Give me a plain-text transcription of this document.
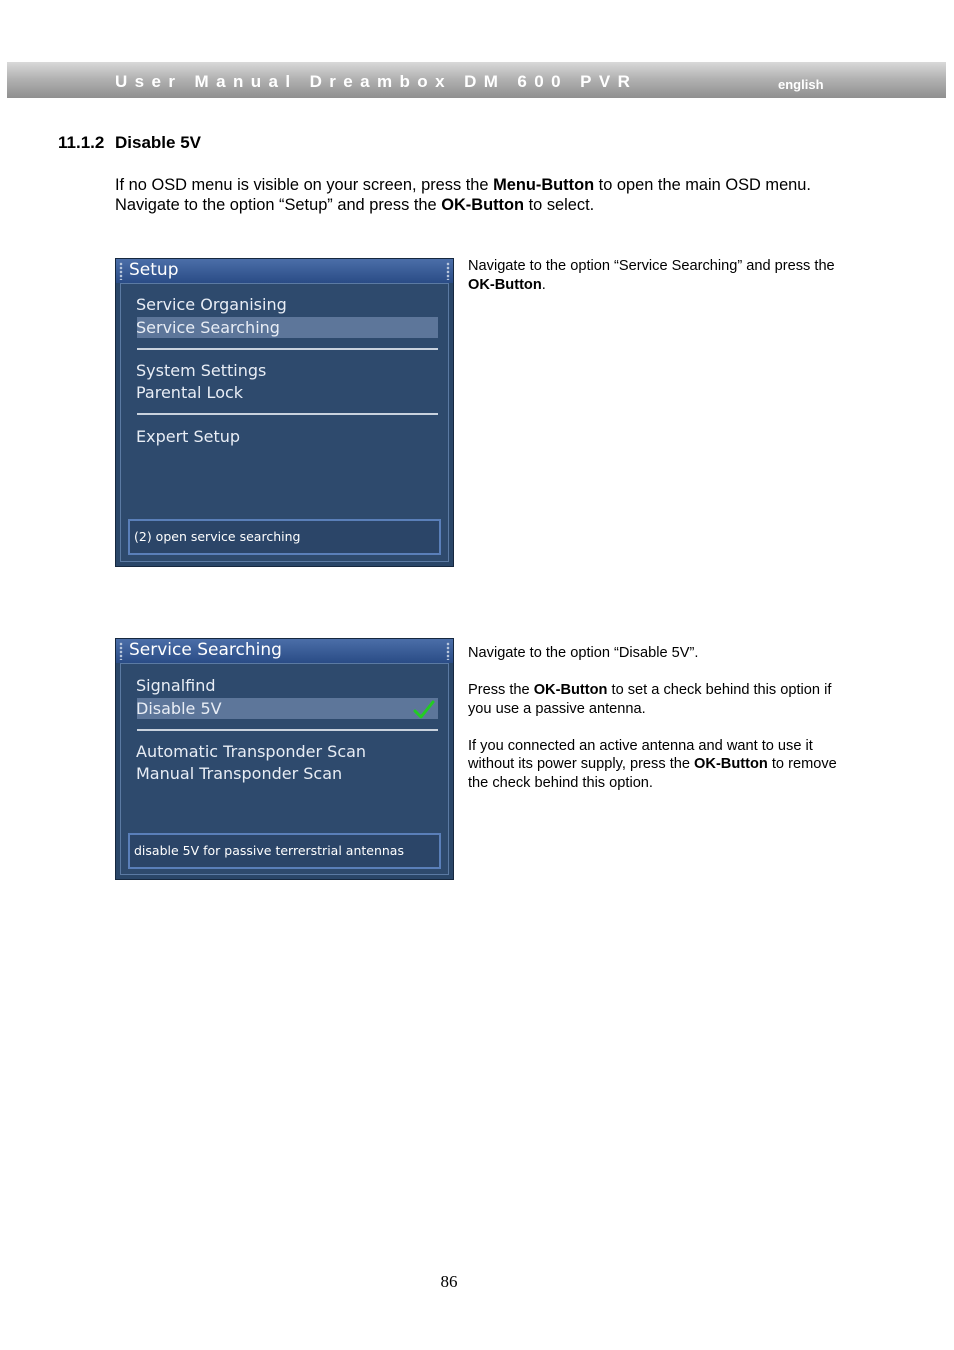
User Manual Dreambox DM 600 PVR	english
11.1.2 Disable 5V

If no OSD menu is visible on your screen, press the Menu-Button to open the main OSD menu. Navigate to the option “Setup” and press the OK-Button to select.

Setup
Service Organising
Service Searching
System Settings
Parental Lock
Expert Setup
(2) open service searching

Navigate to the option “Service Searching” and press the OK-Button.

Service Searching
Signalfind
Disable 5V
Automatic Transponder Scan
Manual Transponder Scan
disable 5V for passive terrerstrial antennas

Navigate to the option “Disable 5V”.

Press the OK-Button to set a check behind this option if you use a passive antenna.

If you connected an active antenna and want to use it without its power supply, press the OK-Button to remove the check behind this option.

86
